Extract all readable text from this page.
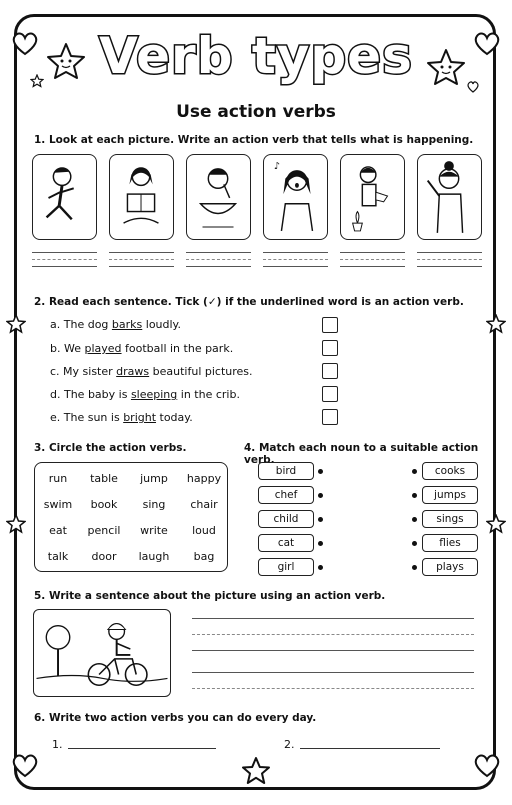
Verb types
Use action verbs
1. Look at each picture. Write an action verb that tells what is happening.
♪
2. Read each sentence. Tick (✓) if the underlined word is an action verb.
a. The dog barks loudly.
b. We played football in the park.
c. My sister draws beautiful pictures.
d. The baby is sleeping in the crib.
e. The sun is bright today.
3. Circle the action verbs.
run	table	jump	happy
swim	book	sing	chair
eat	pencil	write	loud
talk	door	laugh	bag
4. Match each noun to a suitable action verb.
bird
chef
child
cat
girl
cooks
jumps
sings
flies
plays
5. Write a sentence about the picture using an action verb.
6. Write two action verbs you can do every day.
1.	2.
